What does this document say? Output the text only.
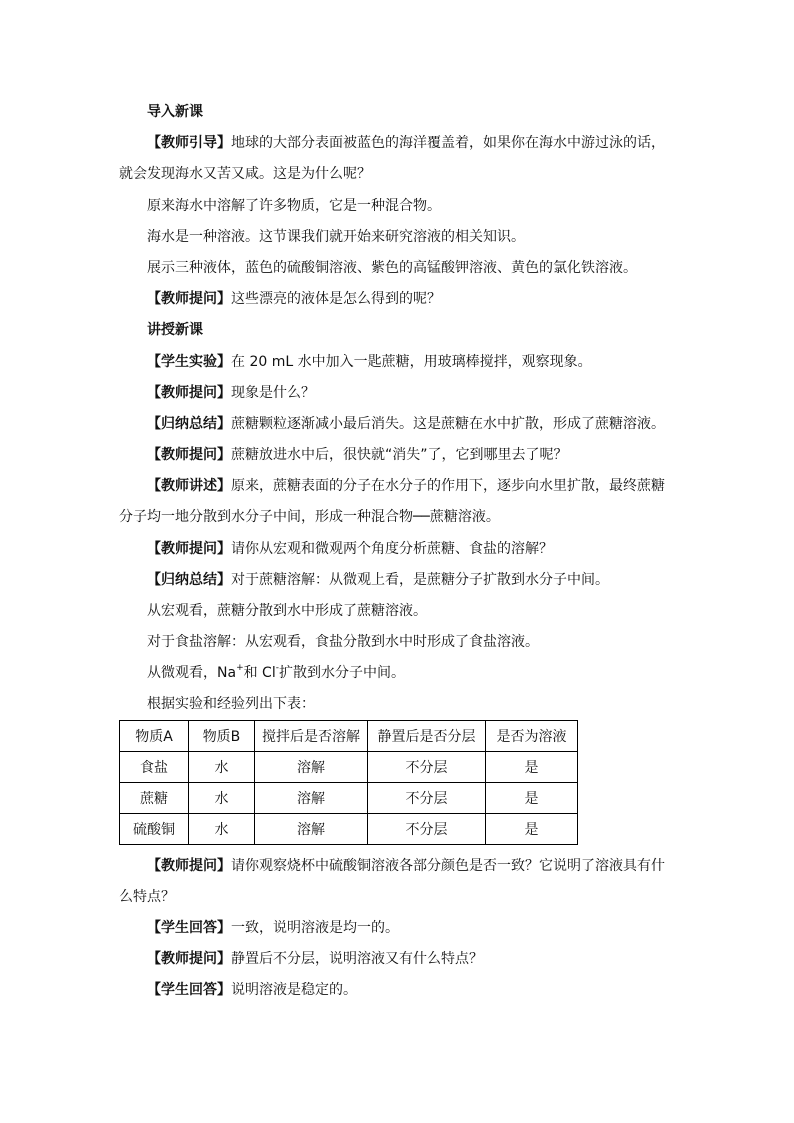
导入新课
【教师引导】地球的大部分表面被蓝色的海洋覆盖着，如果你在海水中游过泳的话，
就会发现海水又苦又咸。这是为什么呢？
原来海水中溶解了许多物质，它是一种混合物。
海水是一种溶液。这节课我们就开始来研究溶液的相关知识。
展示三种液体，蓝色的硫酸铜溶液、紫色的高锰酸钾溶液、黄色的氯化铁溶液。
【教师提问】这些漂亮的液体是怎么得到的呢？
讲授新课
【学生实验】在 20 mL 水中加入一匙蔗糖，用玻璃棒搅拌，观察现象。
【教师提问】现象是什么？
【归纳总结】蔗糖颗粒逐渐减小最后消失。这是蔗糖在水中扩散，形成了蔗糖溶液。
【教师提问】蔗糖放进水中后，很快就“消失”了，它到哪里去了呢？
【教师讲述】原来，蔗糖表面的分子在水分子的作用下，逐步向水里扩散，最终蔗糖
分子均一地分散到水分子中间，形成一种混合物──蔗糖溶液。
【教师提问】请你从宏观和微观两个角度分析蔗糖、食盐的溶解？
【归纳总结】对于蔗糖溶解：从微观上看，是蔗糖分子扩散到水分子中间。
从宏观看，蔗糖分散到水中形成了蔗糖溶液。
对于食盐溶解：从宏观看，食盐分散到水中时形成了食盐溶液。
从微观看，Na+和 Cl-扩散到水分子中间。
根据实验和经验列出下表：
物质A	物质B	搅拌后是否溶解	静置后是否分层	是否为溶液
食盐	水	溶解	不分层	是
蔗糖	水	溶解	不分层	是
硫酸铜	水	溶解	不分层	是
【教师提问】请你观察烧杯中硫酸铜溶液各部分颜色是否一致？它说明了溶液具有什
么特点？
【学生回答】一致，说明溶液是均一的。
【教师提问】静置后不分层，说明溶液又有什么特点？
【学生回答】说明溶液是稳定的。
